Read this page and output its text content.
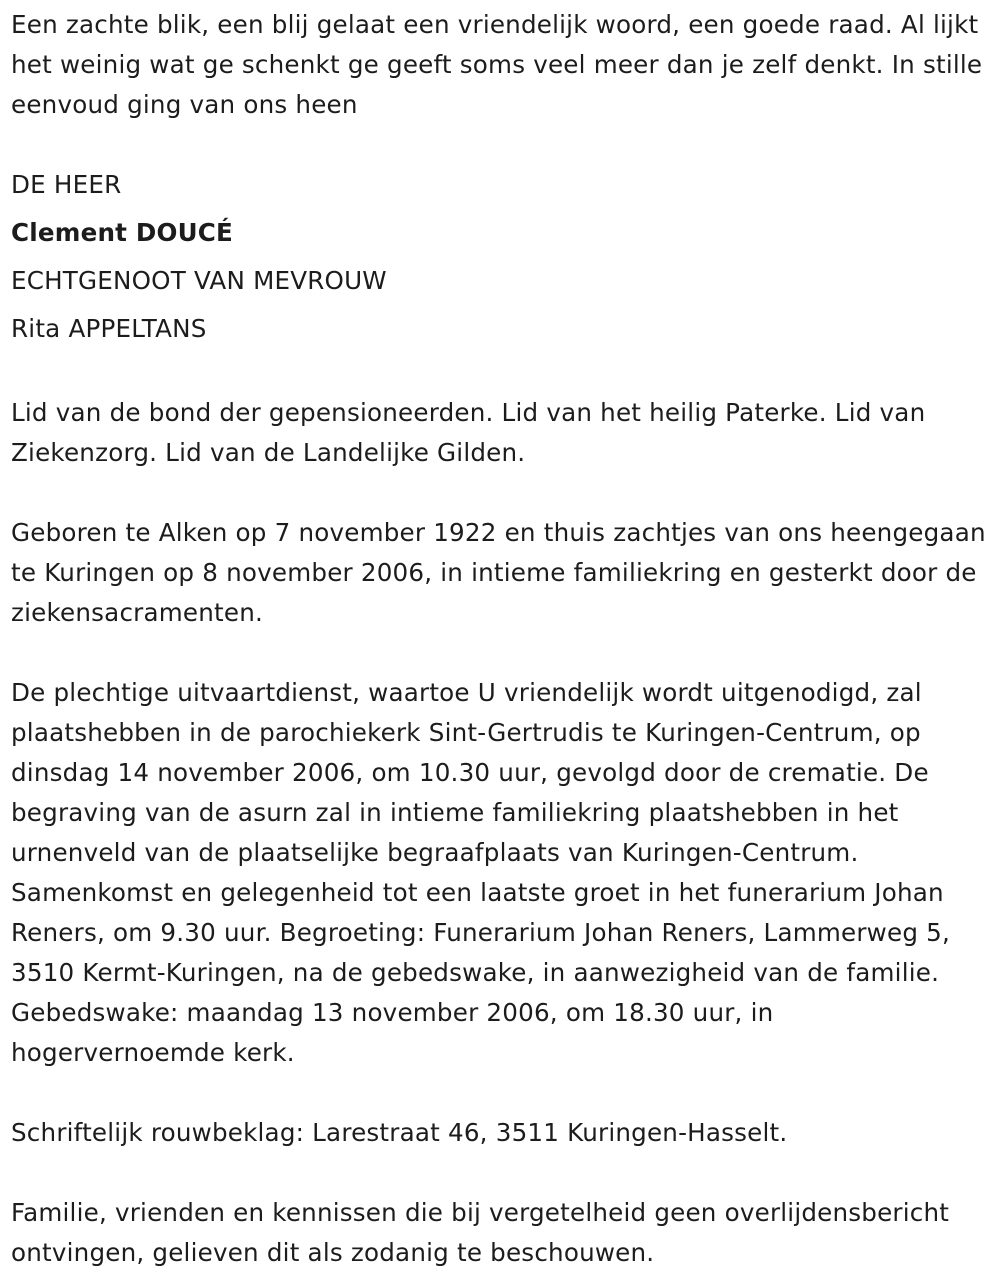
Een zachte blik, een blij gelaat een vriendelijk woord, een goede raad. Al lijkt het weinig wat ge schenkt ge geeft soms veel meer dan je zelf denkt. In stille eenvoud ging van ons heen

DE HEER

Clement DOUCÉ

ECHTGENOOT VAN MEVROUW

Rita APPELTANS

Lid van de bond der gepensioneerden. Lid van het heilig Paterke. Lid van Ziekenzorg. Lid van de Landelijke Gilden.

Geboren te Alken op 7 november 1922 en thuis zachtjes van ons heengegaan te Kuringen op 8 november 2006, in intieme familiekring en gesterkt door de ziekensacramenten.

De plechtige uitvaartdienst, waartoe U vriendelijk wordt uitgenodigd, zal plaatshebben in de parochiekerk Sint-Gertrudis te Kuringen-Centrum, op dinsdag 14 november 2006, om 10.30 uur, gevolgd door de crematie. De begraving van de asurn zal in intieme familiekring plaatshebben in het urnenveld van de plaatselijke begraafplaats van Kuringen-Centrum. Samenkomst en gelegenheid tot een laatste groet in het funerarium Johan Reners, om 9.30 uur. Begroeting: Funerarium Johan Reners, Lammerweg 5, 3510 Kermt-Kuringen, na de gebedswake, in aanwezigheid van de familie. Gebedswake: maandag 13 november 2006, om 18.30 uur, in hogervernoemde kerk.

Schriftelijk rouwbeklag: Larestraat 46, 3511 Kuringen-Hasselt.

Familie, vrienden en kennissen die bij vergetelheid geen overlijdensbericht ontvingen, gelieven dit als zodanig te beschouwen.
